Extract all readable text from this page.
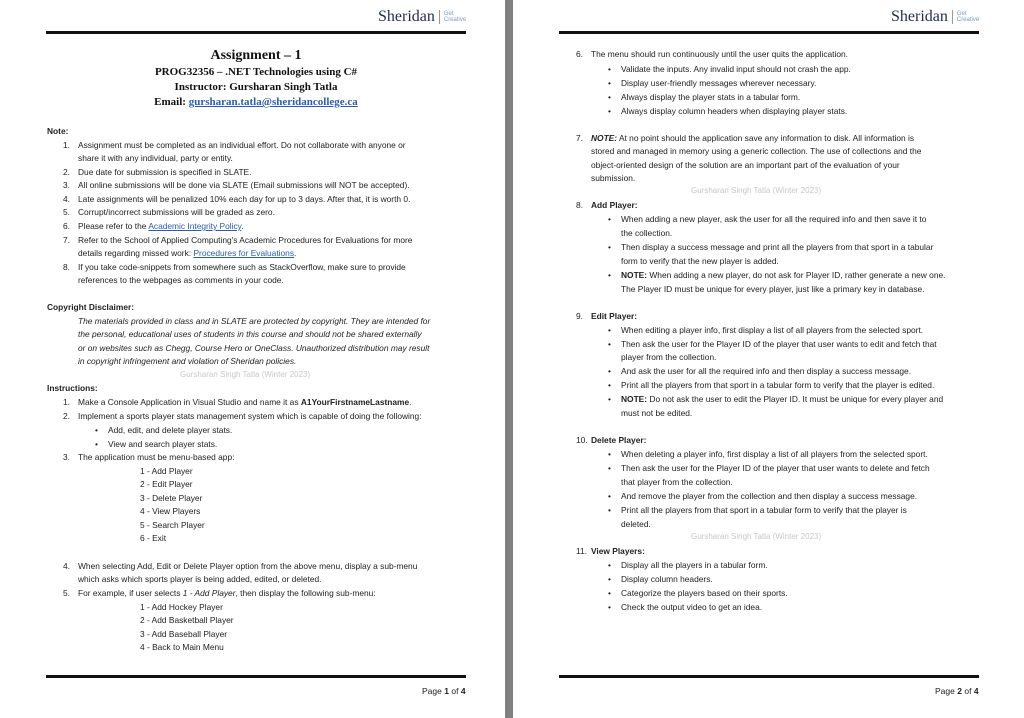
Sheridan Get
Creative
Assignment – 1
PROG32356 – .NET Technologies using C#
Instructor: Gursharan Singh Tatla
Email: gursharan.tatla@sheridancollege.ca
Note:
1. Assignment must be completed as an individual effort. Do not collaborate with anyone or
share it with any individual, party or entity.
2. Due date for submission is specified in SLATE.
3. All online submissions will be done via SLATE (Email submissions will NOT be accepted).
4. Late assignments will be penalized 10% each day for up to 3 days. After that, it is worth 0.
5. Corrupt/incorrect submissions will be graded as zero.
6. Please refer to the Academic Integrity Policy.
7. Refer to the School of Applied Computing's Academic Procedures for Evaluations for more
details regarding missed work: Procedures for Evaluations.
8. If you take code-snippets from somewhere such as StackOverflow, make sure to provide
references to the webpages as comments in your code.
Copyright Disclaimer:
The materials provided in class and in SLATE are protected by copyright. They are intended for
the personal, educational uses of students in this course and should not be shared externally
or on websites such as Chegg, Course Hero or OneClass. Unauthorized distribution may result
in copyright infringement and violation of Sheridan policies.
Gursharan Singh Tatla (Winter 2023)
Instructions:
1. Make a Console Application in Visual Studio and name it as A1YourFirstnameLastname.
2. Implement a sports player stats management system which is capable of doing the following:
• Add, edit, and delete player stats.
• View and search player stats.
3. The application must be menu-based app:
1 - Add Player
2 - Edit Player
3 - Delete Player
4 - View Players
5 - Search Player
6 - Exit
4. When selecting Add, Edit or Delete Player option from the above menu, display a sub-menu
which asks which sports player is being added, edited, or deleted.
5. For example, if user selects 1 - Add Player, then display the following sub-menu:
1 - Add Hockey Player
2 - Add Basketball Player
3 - Add Baseball Player
4 - Back to Main Menu
Page 1 of 4
Sheridan Get
Creative
6. The menu should run continuously until the user quits the application.
• Validate the inputs. Any invalid input should not crash the app.
• Display user-friendly messages wherever necessary.
• Always display the player stats in a tabular form.
• Always display column headers when displaying player stats.
7. NOTE: At no point should the application save any information to disk. All information is
stored and managed in memory using a generic collection. The use of collections and the
object-oriented design of the solution are an important part of the evaluation of your
submission.
Gursharan Singh Tatla (Winter 2023)
8. Add Player:
• When adding a new player, ask the user for all the required info and then save it to
the collection.
• Then display a success message and print all the players from that sport in a tabular
form to verify that the new player is added.
• NOTE: When adding a new player, do not ask for Player ID, rather generate a new one.
The Player ID must be unique for every player, just like a primary key in database.
9. Edit Player:
• When editing a player info, first display a list of all players from the selected sport.
• Then ask the user for the Player ID of the player that user wants to edit and fetch that
player from the collection.
• And ask the user for all the required info and then display a success message.
• Print all the players from that sport in a tabular form to verify that the player is edited.
• NOTE: Do not ask the user to edit the Player ID. It must be unique for every player and
must not be edited.
10. Delete Player:
• When deleting a player info, first display a list of all players from the selected sport.
• Then ask the user for the Player ID of the player that user wants to delete and fetch
that player from the collection.
• And remove the player from the collection and then display a success message.
• Print all the players from that sport in a tabular form to verify that the player is
deleted.
Gursharan Singh Tatla (Winter 2023)
11. View Players:
• Display all the players in a tabular form.
• Display column headers.
• Categorize the players based on their sports.
• Check the output video to get an idea.
Page 2 of 4
